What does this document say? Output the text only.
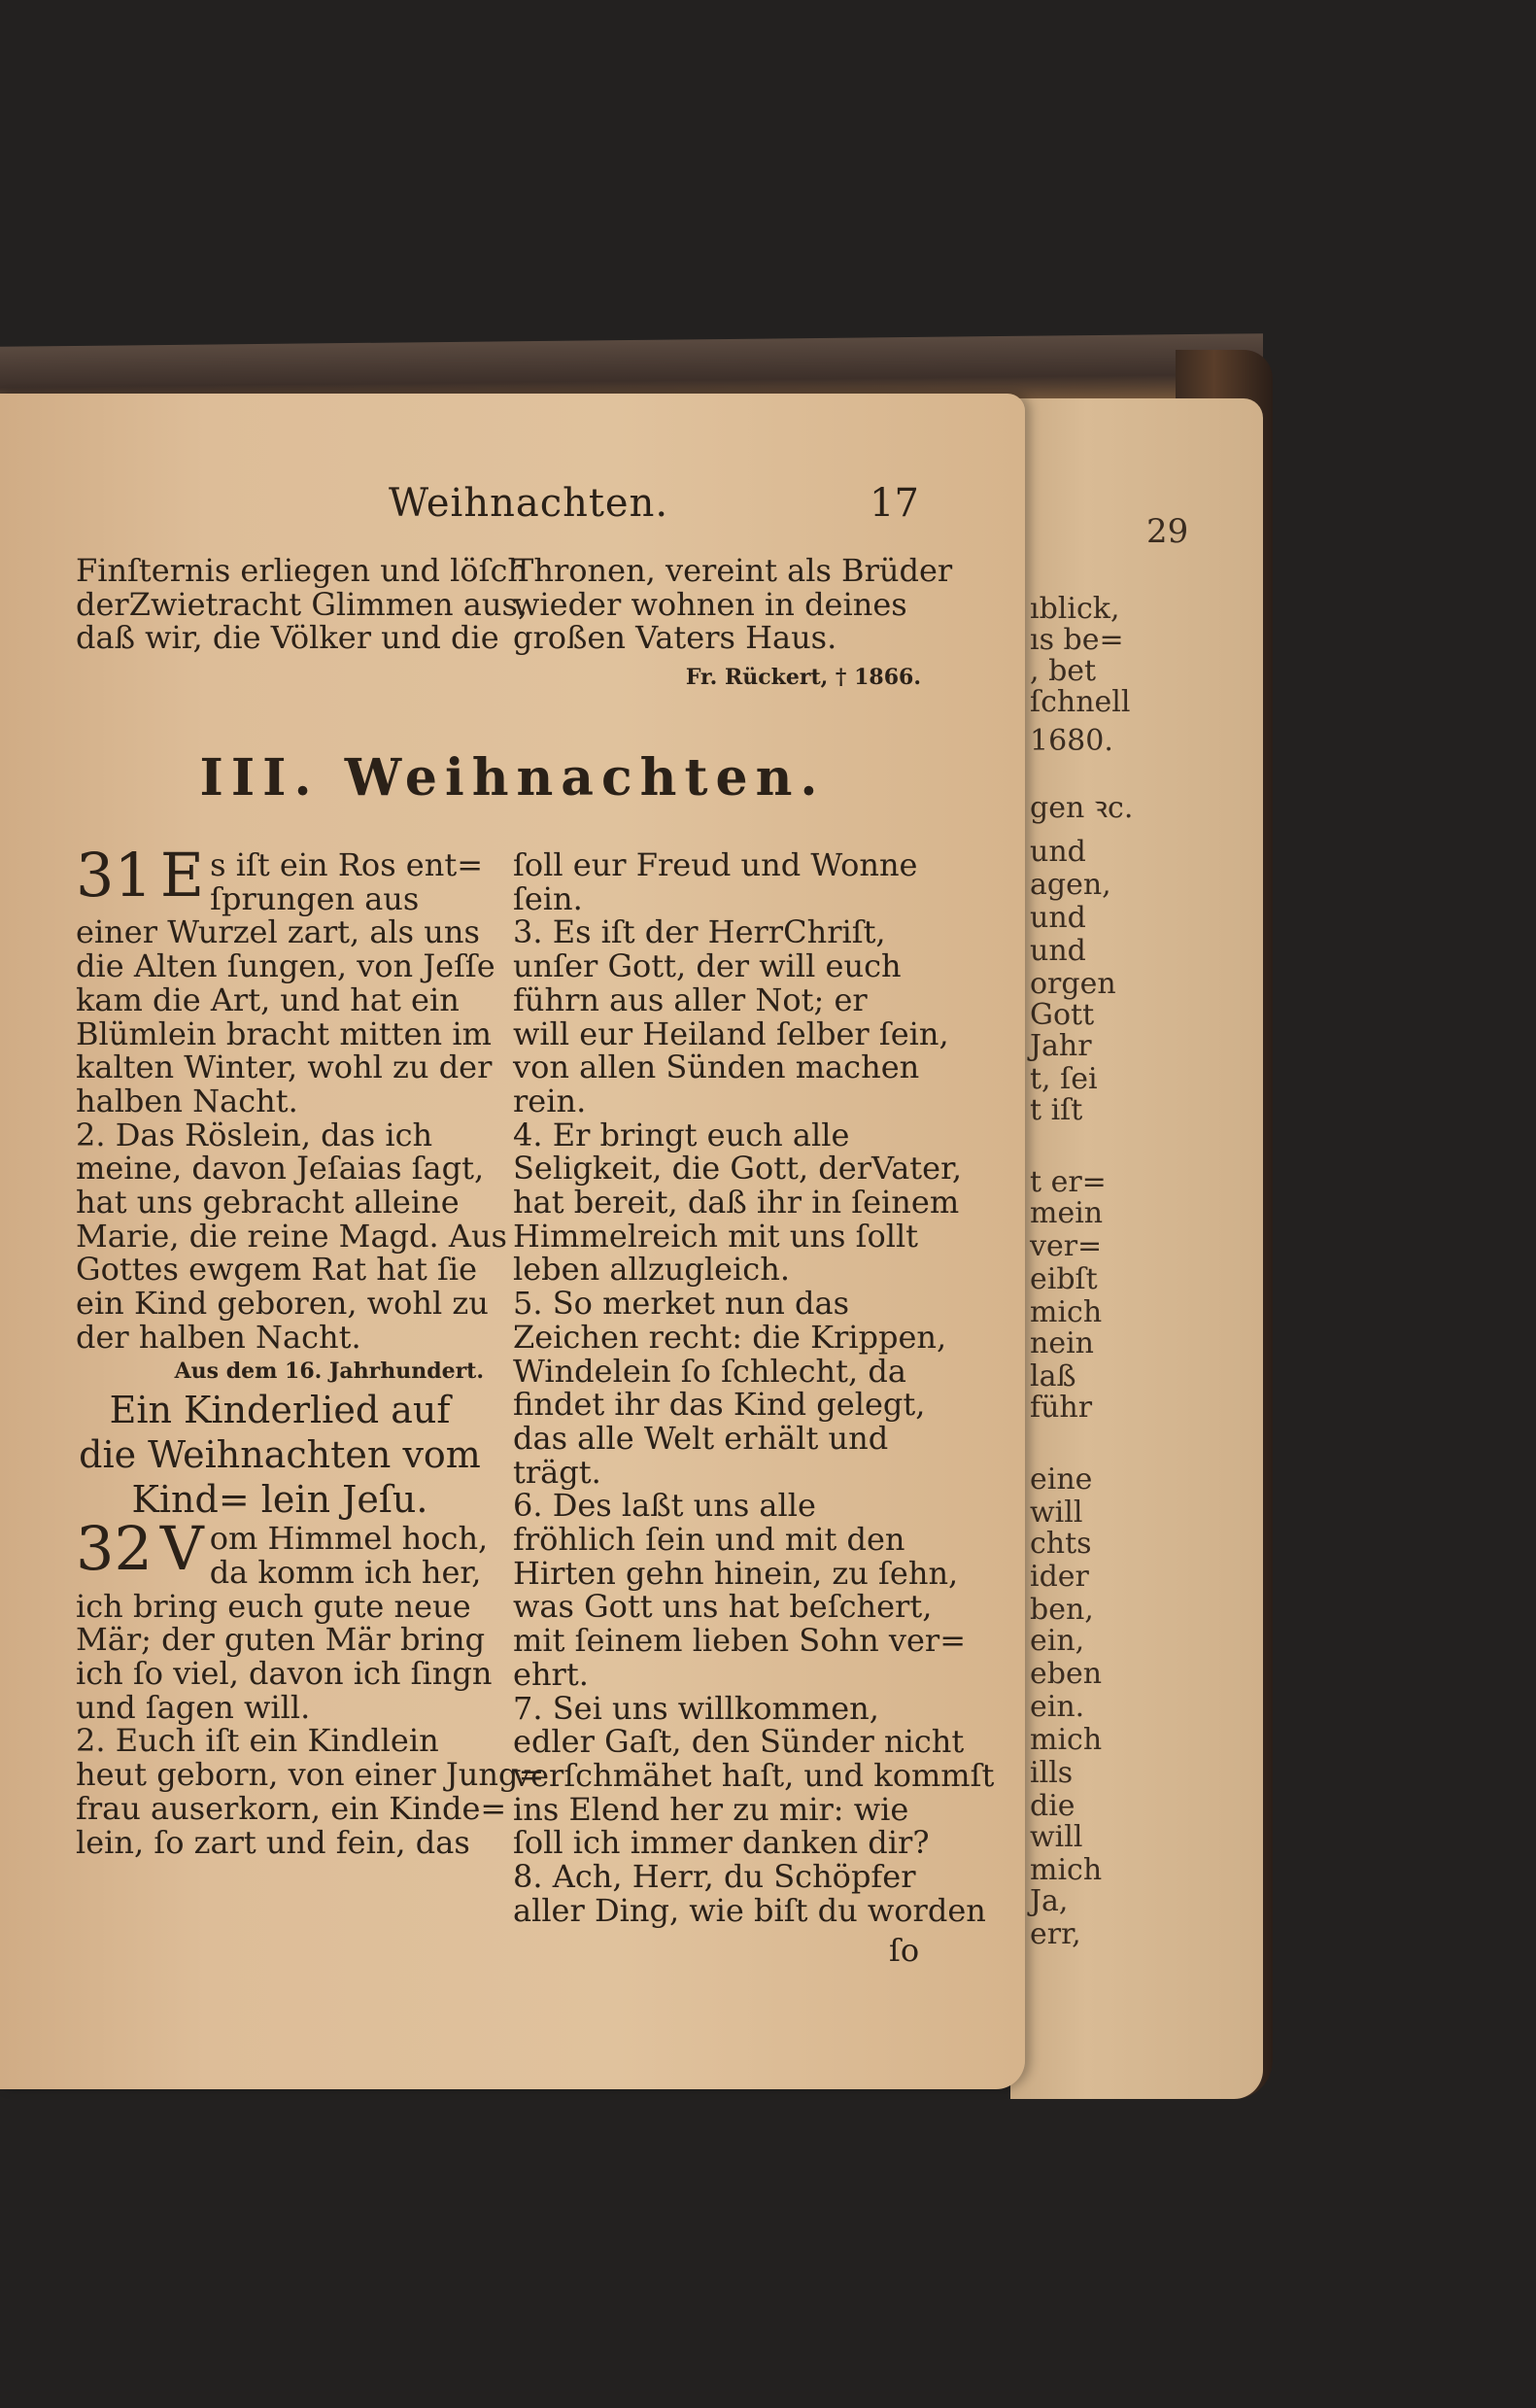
29
ıblick,
ıs be=
, bet
ſchnell
1680.
gen ꝛc.
und
agen,
und
und
orgen
Gott
Jahr
t, ſei
t iſt
t er=
mein
ver=
eibſt
mich
nein
laß
führ
eine
will
chts
ider
ben,
ein,
eben
ein.
mich
ills
die
will
mich
Ja,
err,
Weihnachten.	17

Finſternis erliegen und löſch

derZwietracht Glimmen aus,

daß wir, die Völker und die

Thronen, vereint als Brüder

wieder wohnen in deines

großen Vaters Haus.

Fr. Rückert, † 1866.

III. Weihnachten.
31 E s iſt ein Ros ent=

ſprungen aus

einer Wurzel zart, als uns

die Alten ſungen, von Jeſſe

kam die Art, und hat ein

Blümlein bracht mitten im

kalten Winter, wohl zu der

halben Nacht.

2. Das Röslein, das ich

meine, davon Jeſaias ſagt,

hat uns gebracht alleine

Marie, die reine Magd. Aus

Gottes ewgem Rat hat ſie

ein Kind geboren, wohl zu

der halben Nacht.

Aus dem 16. Jahrhundert.

Ein Kinderlied auf die Weihnachten vom Kind= lein Jeſu.

32 V om Himmel hoch,

da komm ich her,

ich bring euch gute neue

Mär; der guten Mär bring

ich ſo viel, davon ich ſingn

und ſagen will.

2. Euch iſt ein Kindlein

heut geborn, von einer Jung=

frau auserkorn, ein Kinde=

lein, ſo zart und fein, das

ſoll eur Freud und Wonne

ſein.

3. Es iſt der HerrChriſt,

unſer Gott, der will euch

führn aus aller Not; er

will eur Heiland ſelber ſein,

von allen Sünden machen

rein.

4. Er bringt euch alle

Seligkeit, die Gott, derVater,

hat bereit, daß ihr in ſeinem

Himmelreich mit uns ſollt

leben allzugleich.

5. So merket nun das

Zeichen recht: die Krippen,

Windelein ſo ſchlecht, da

findet ihr das Kind gelegt,

das alle Welt erhält und

trägt.

6. Des laßt uns alle

fröhlich ſein und mit den

Hirten gehn hinein, zu ſehn,

was Gott uns hat beſchert,

mit ſeinem lieben Sohn ver=

ehrt.

7. Sei uns willkommen,

edler Gaſt, den Sünder nicht

verſchmähet haſt, und kommſt

ins Elend her zu mir: wie

ſoll ich immer danken dir?

8. Ach, Herr, du Schöpfer

aller Ding, wie biſt du worden

ſo
